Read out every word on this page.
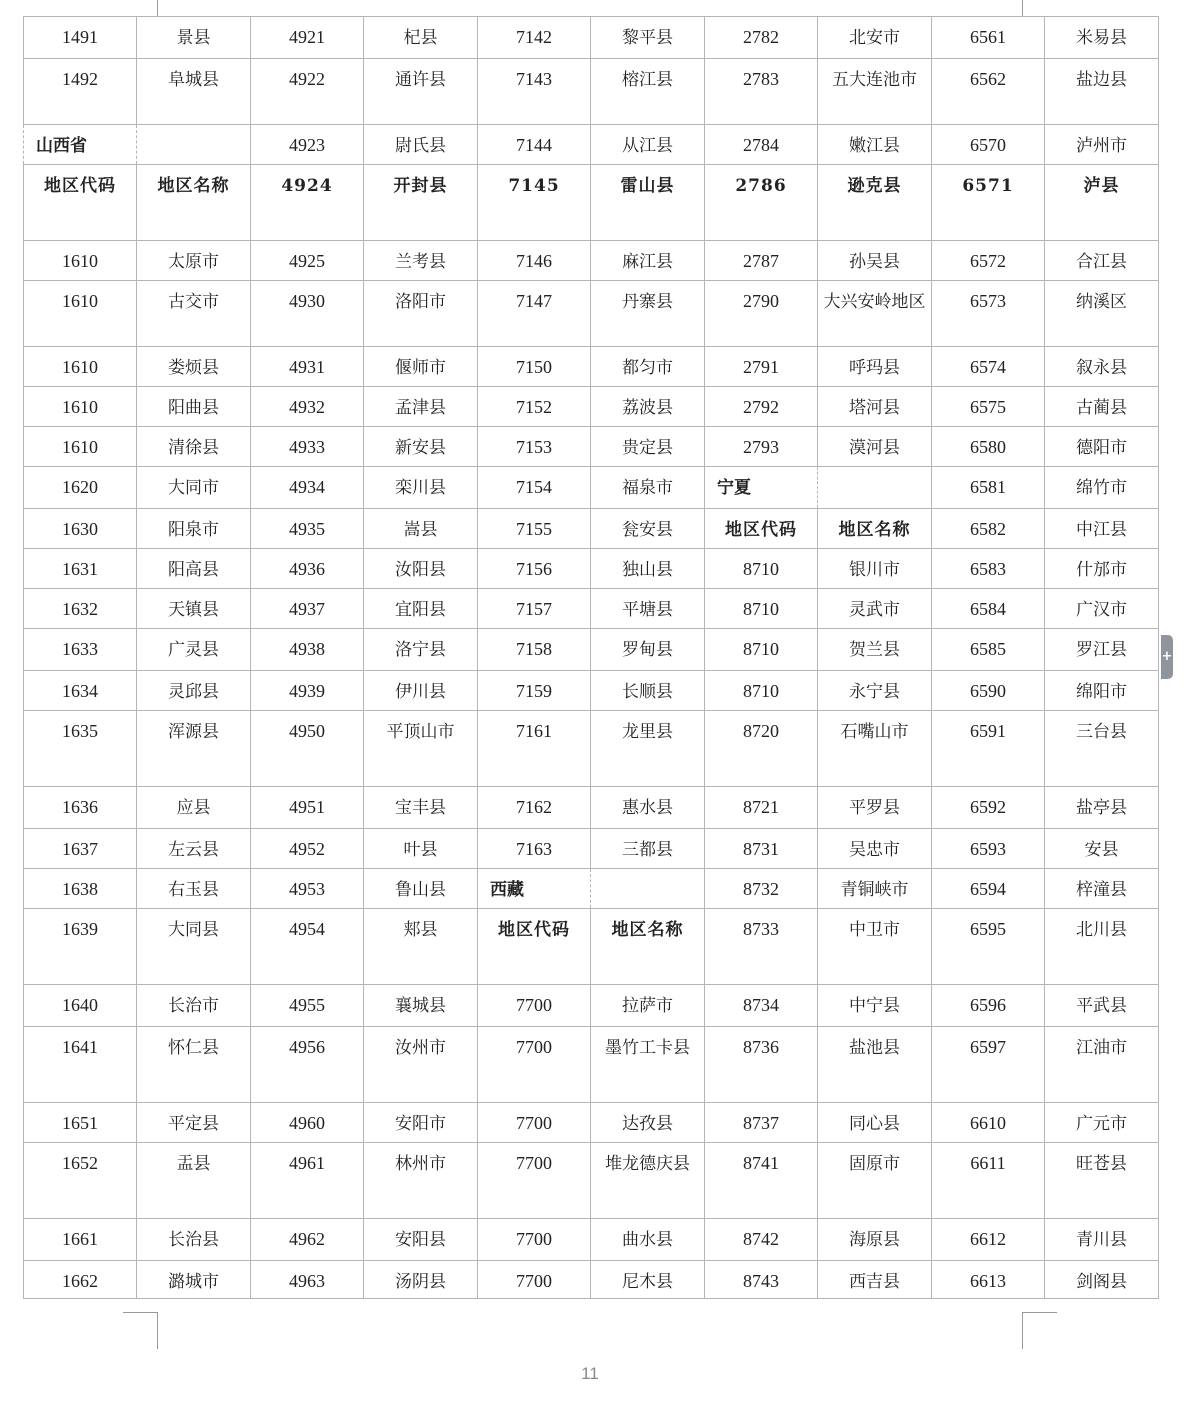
1491	景县	4921	杞县	7142	黎平县	2782	北安市	6561	米易县
1492	阜城县	4922	通许县	7143	榕江县	2783	五大连池市	6562	盐边县
山西省		4923	尉氏县	7144	从江县	2784	嫩江县	6570	泸州市
地区代码	地区名称	4924	开封县	7145	雷山县	2786	逊克县	6571	泸县
1610	太原市	4925	兰考县	7146	麻江县	2787	孙吴县	6572	合江县
1610	古交市	4930	洛阳市	7147	丹寨县	2790	大兴安岭地区	6573	纳溪区
1610	娄烦县	4931	偃师市	7150	都匀市	2791	呼玛县	6574	叙永县
1610	阳曲县	4932	孟津县	7152	荔波县	2792	塔河县	6575	古蔺县
1610	清徐县	4933	新安县	7153	贵定县	2793	漠河县	6580	德阳市
1620	大同市	4934	栾川县	7154	福泉市	宁夏		6581	绵竹市
1630	阳泉市	4935	嵩县	7155	瓮安县	地区代码	地区名称	6582	中江县
1631	阳高县	4936	汝阳县	7156	独山县	8710	银川市	6583	什邡市
1632	天镇县	4937	宜阳县	7157	平塘县	8710	灵武市	6584	广汉市
1633	广灵县	4938	洛宁县	7158	罗甸县	8710	贺兰县	6585	罗江县
1634	灵邱县	4939	伊川县	7159	长顺县	8710	永宁县	6590	绵阳市
1635	浑源县	4950	平顶山市	7161	龙里县	8720	石嘴山市	6591	三台县
1636	应县	4951	宝丰县	7162	惠水县	8721	平罗县	6592	盐亭县
1637	左云县	4952	叶县	7163	三都县	8731	吴忠市	6593	安县
1638	右玉县	4953	鲁山县	西藏		8732	青铜峡市	6594	梓潼县
1639	大同县	4954	郏县	地区代码	地区名称	8733	中卫市	6595	北川县
1640	长治市	4955	襄城县	7700	拉萨市	8734	中宁县	6596	平武县
1641	怀仁县	4956	汝州市	7700	墨竹工卡县	8736	盐池县	6597	江油市
1651	平定县	4960	安阳市	7700	达孜县	8737	同心县	6610	广元市
1652	盂县	4961	林州市	7700	堆龙德庆县	8741	固原市	6611	旺苍县
1661	长治县	4962	安阳县	7700	曲水县	8742	海原县	6612	青川县
1662	潞城市	4963	汤阴县	7700	尼木县	8743	西吉县	6613	剑阁县
+
11
